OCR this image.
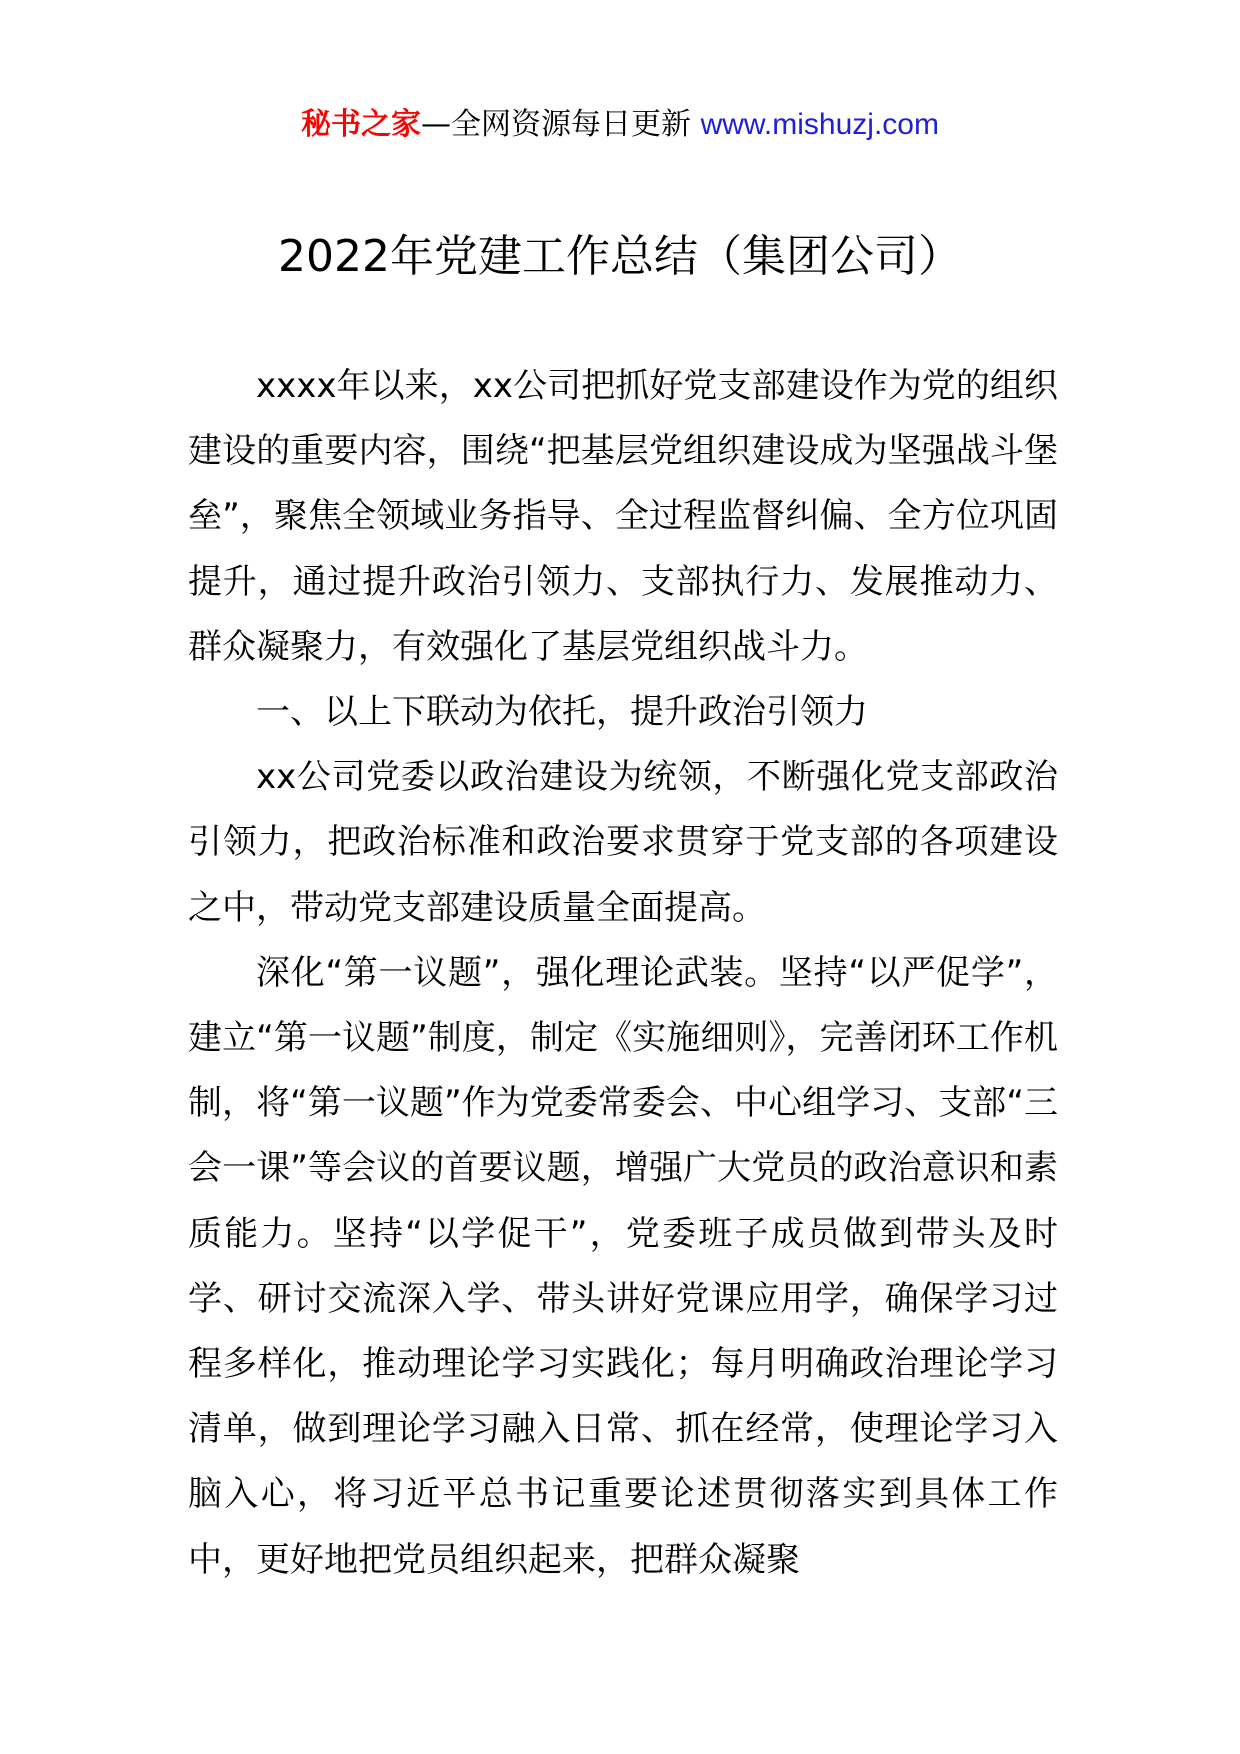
秘书之家—全网资源每日更新 www.mishuzj.com
2022年党建工作总结（集团公司）

xxxx年以来，xx公司把抓好党支部建设作为党的组织建设的重要内容，围绕“把基层党组织建设成为坚强战斗堡垒”，聚焦全领域业务指导、全过程监督纠偏、全方位巩固提升，通过提升政治引领力、支部执行力、发展推动力、群众凝聚力，有效强化了基层党组织战斗力。

一、以上下联动为依托，提升政治引领力

xx公司党委以政治建设为统领，不断强化党支部政治引领力，把政治标准和政治要求贯穿于党支部的各项建设之中，带动党支部建设质量全面提高。

深化“第一议题”，强化理论武装。坚持“以严促学”，建立“第一议题”制度，制定《实施细则》，完善闭环工作机制，将“第一议题”作为党委常委会、中心组学习、支部“三会一课”等会议的首要议题，增强广大党员的政治意识和素质能力。坚持“以学促干”，党委班子成员做到带头及时学、研讨交流深入学、带头讲好党课应用学，确保学习过程多样化，推动理论学习实践化；每月明确政治理论学习清单，做到理论学习融入日常、抓在经常，使理论学习入脑入心，将习近平总书记重要论述贯彻落实到具体工作中，更好地把党员组织起来，把群众凝聚
